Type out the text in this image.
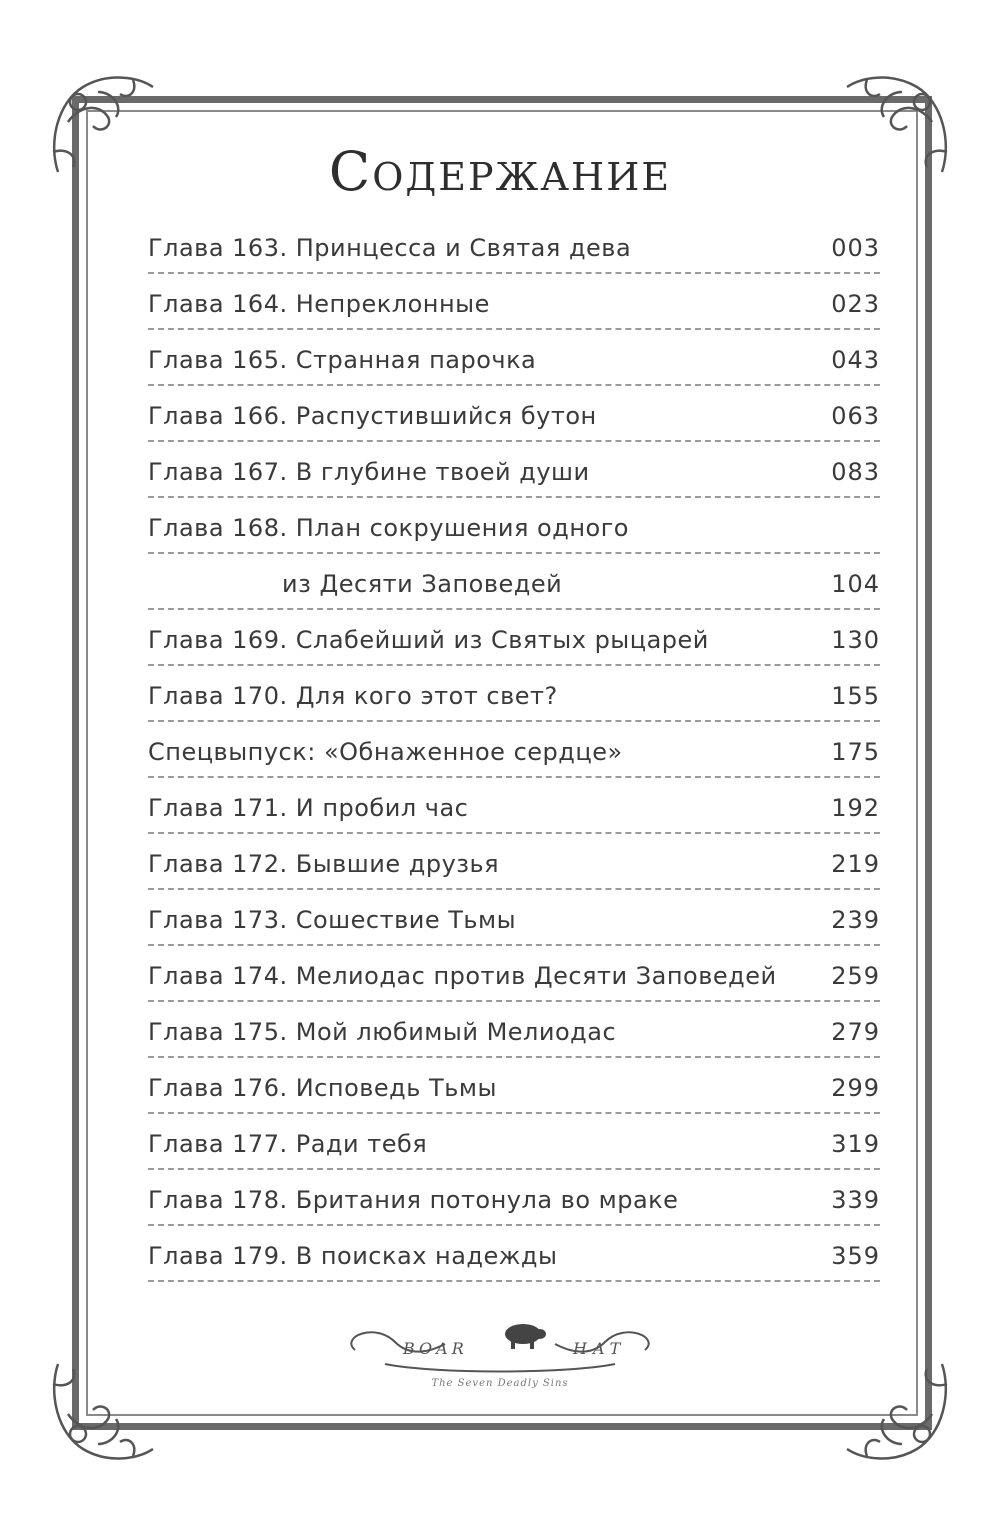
Содержание
Глава 163. Принцесса и Святая дева	003
Глава 164. Непреклонные	023
Глава 165. Странная парочка	043
Глава 166. Распустившийся бутон	063
Глава 167. В глубине твоей души	083
Глава 168. План сокрушения одного
из Десяти Заповедей	104
Глава 169. Слабейший из Святых рыцарей	130
Глава 170. Для кого этот свет?	155
Спецвыпуск: «Обнаженное сердце»	175
Глава 171. И пробил час	192
Глава 172. Бывшие друзья	219
Глава 173. Сошествие Тьмы	239
Глава 174. Мелиодас против Десяти Заповедей 259
Глава 175. Мой любимый Мелиодас	279
Глава 176. Исповедь Тьмы	299
Глава 177. Ради тебя	319
Глава 178. Британия потонула во мраке	339
Глава 179. В поисках надежды	359
BOAR	HAT
The Seven Deadly Sins
